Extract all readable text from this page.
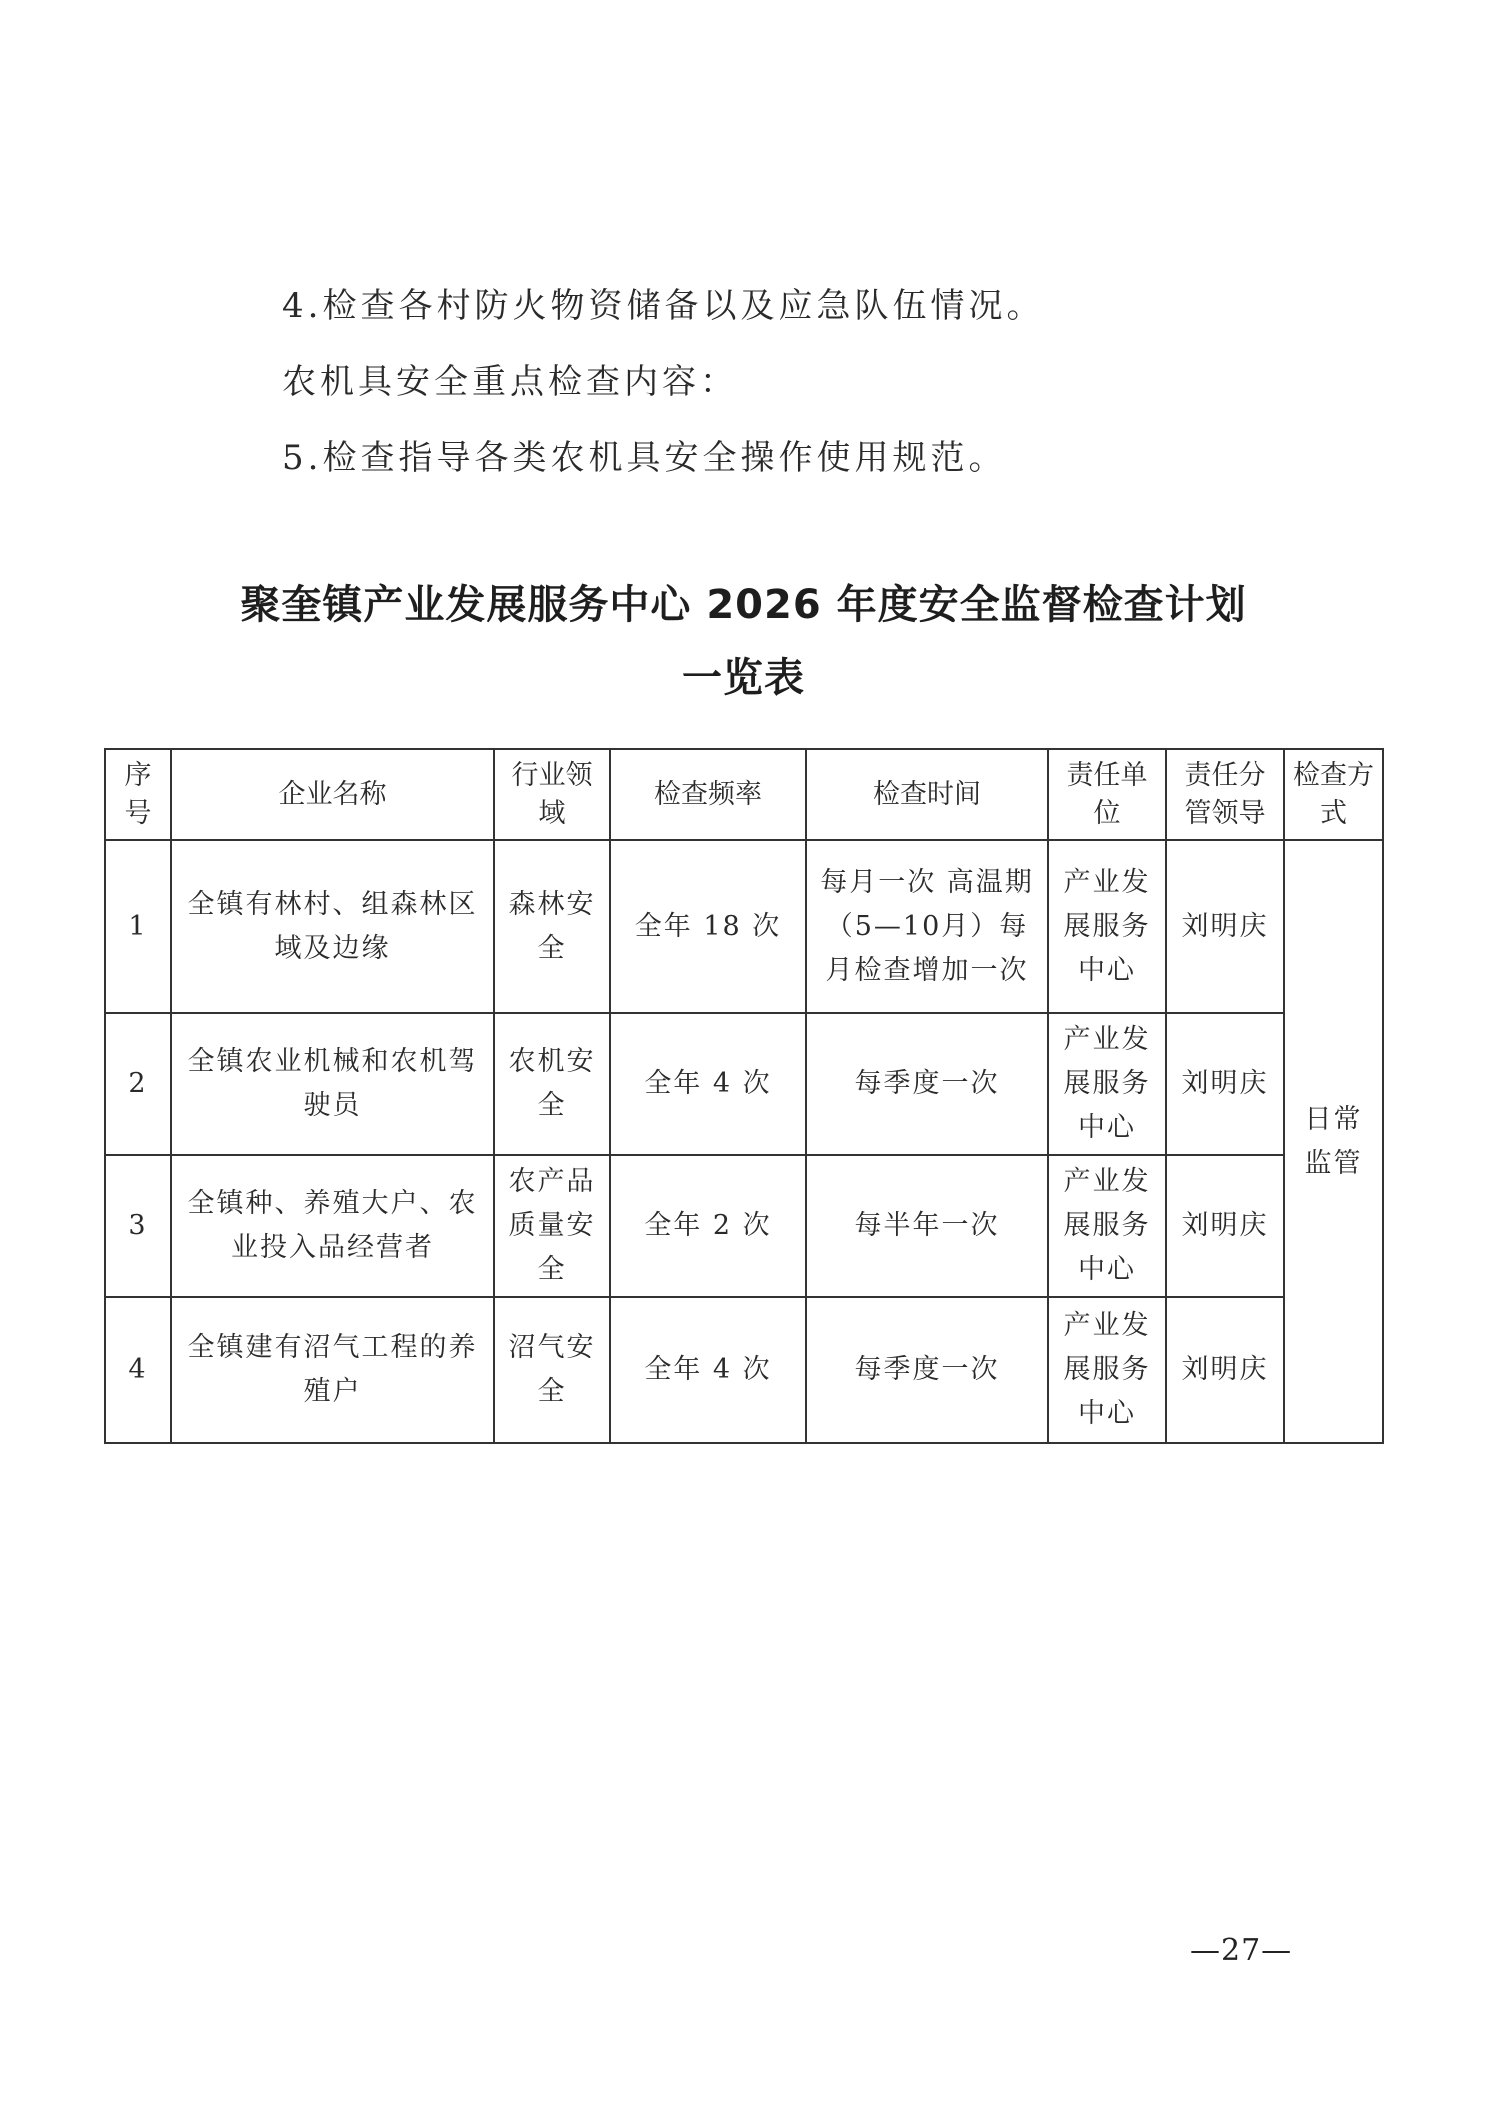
4.检查各村防火物资储备以及应急队伍情况。
农机具安全重点检查内容：
5.检查指导各类农机具安全操作使用规范。
聚奎镇产业发展服务中心 2026 年度安全监督检查计划
一览表
序号	企业名称	行业领域	检查频率	检查时间	责任单位	责任分管领导	检查方式
1	全镇有林村、组森林区域及边缘	森林安全	全年 18 次	每月一次 高温期（5—10月）每月检查增加一次	产业发展服务中心	刘明庆	日常监管
2	全镇农业机械和农机驾驶员	农机安全	全年 4 次	每季度一次	产业发展服务中心	刘明庆	
3	全镇种、养殖大户、农业投入品经营者	农产品质量安全	全年 2 次	每半年一次	产业发展服务中心	刘明庆	
4	全镇建有沼气工程的养殖户	沼气安全	全年 4 次	每季度一次	产业发展服务中心	刘明庆	
—27—
